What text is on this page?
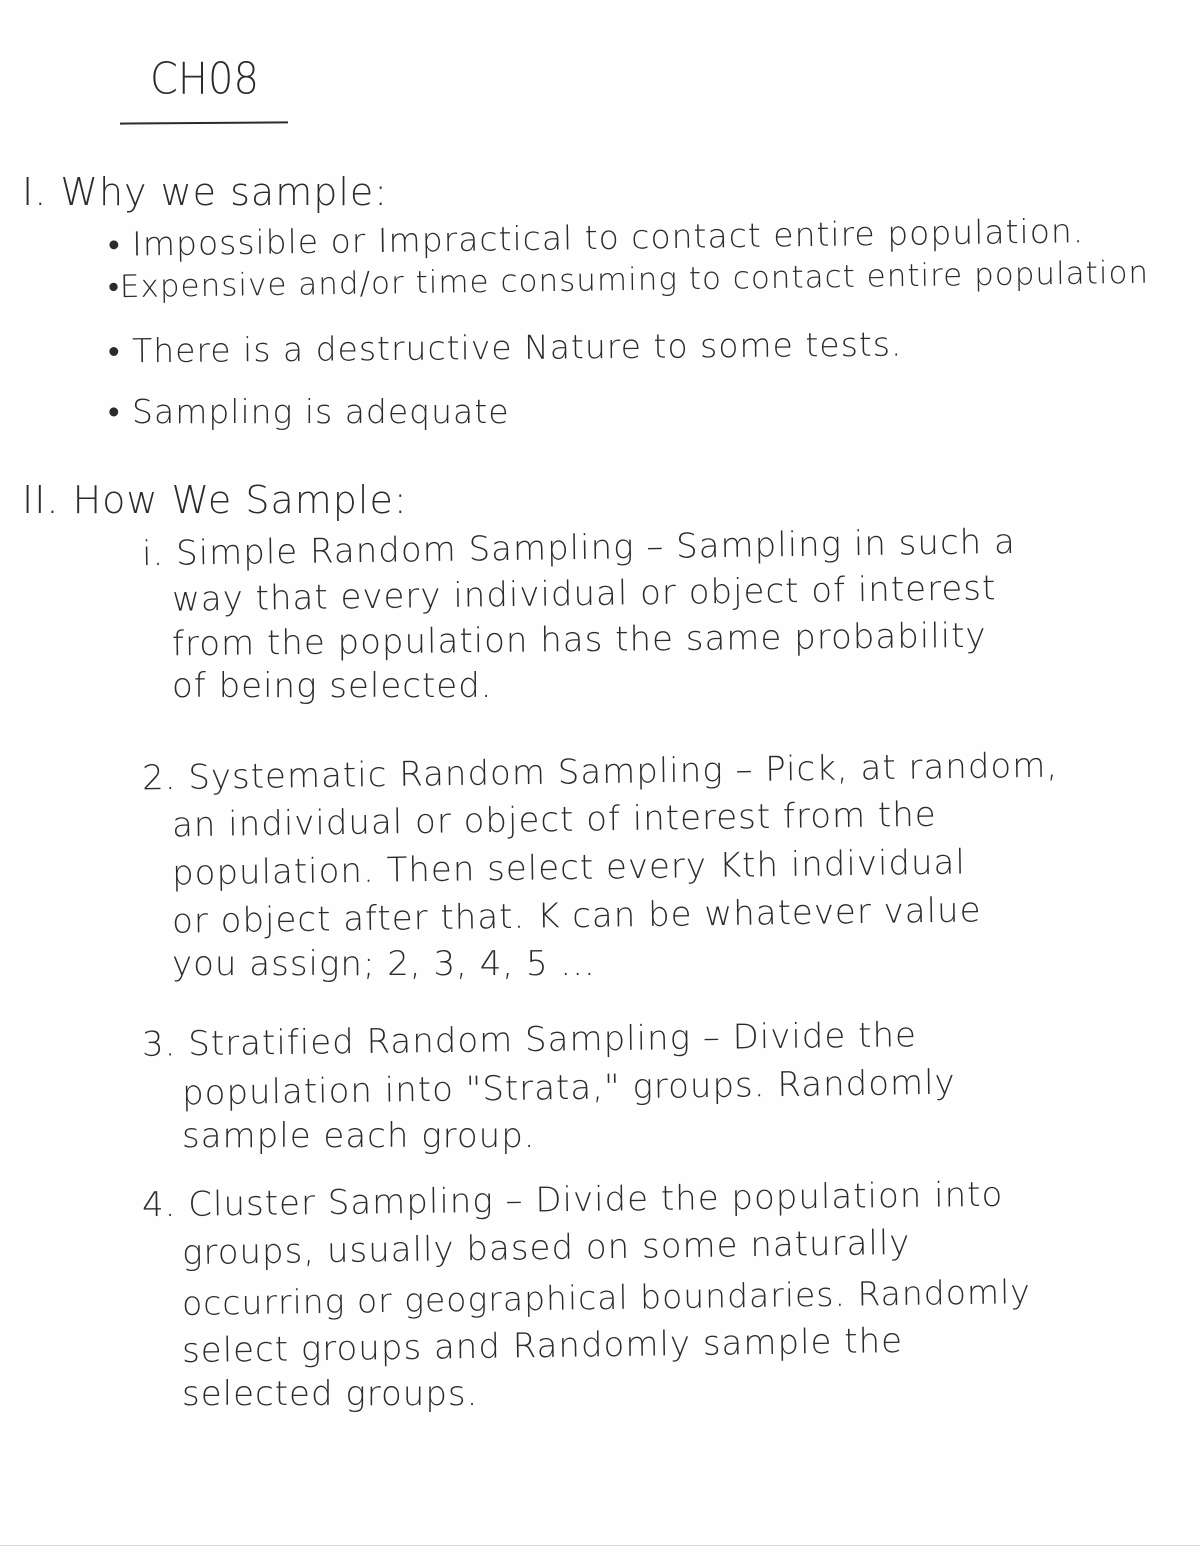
CH08
I. Why we sample:
• Impossible or Impractical to contact entire population.
•Expensive and/or time consuming to contact entire population
• There is a destructive Nature to some tests.
• Sampling is adequate
II. How We Sample:
i. Simple Random Sampling – Sampling in such a
way that every individual or object of interest
from the population has the same probability
of being selected.
2. Systematic Random Sampling – Pick, at random,
an individual or object of interest from the
population. Then select every Kth individual
or object after that. K can be whatever value
you assign; 2, 3, 4, 5 ...
3. Stratified Random Sampling – Divide the
population into "Strata," groups. Randomly
sample each group.
4. Cluster Sampling – Divide the population into
groups, usually based on some naturally
occurring or geographical boundaries. Randomly
select groups and Randomly sample the
selected groups.
